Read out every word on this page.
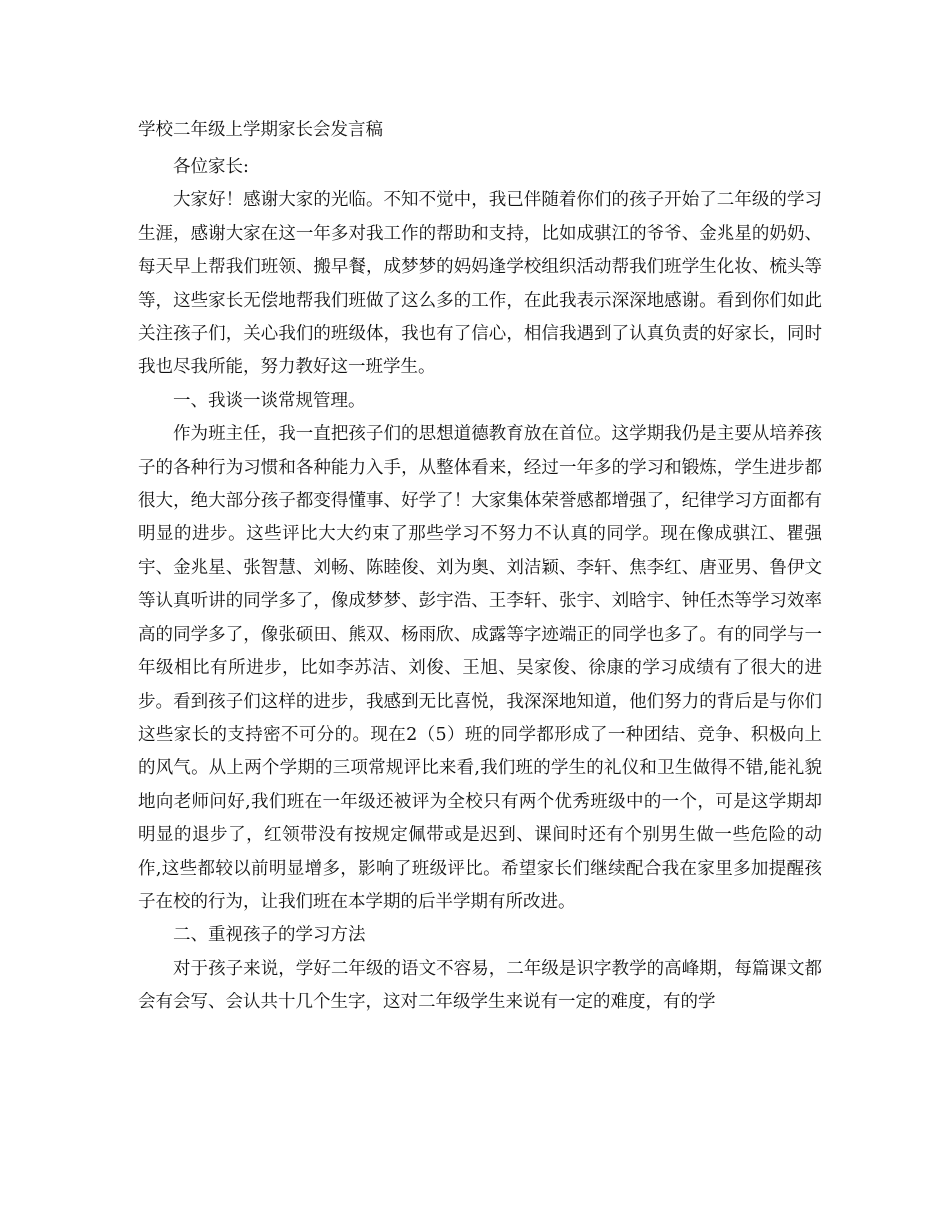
学校二年级上学期家长会发言稿

各位家长:

大家好！感谢大家的光临。不知不觉中，我已伴随着你们的孩子开始了二年级的学习生涯，感谢大家在这一年多对我工作的帮助和支持，比如成骐江的爷爷、金兆星的奶奶、每天早上帮我们班领、搬早餐，成梦梦的妈妈逢学校组织活动帮我们班学生化妆、梳头等等，这些家长无偿地帮我们班做了这么多的工作，在此我表示深深地感谢。看到你们如此关注孩子们，关心我们的班级体，我也有了信心，相信我遇到了认真负责的好家长，同时我也尽我所能，努力教好这一班学生。

一、我谈一谈常规管理。

作为班主任，我一直把孩子们的思想道德教育放在首位。这学期我仍是主要从培养孩子的各种行为习惯和各种能力入手，从整体看来，经过一年多的学习和锻炼，学生进步都很大，绝大部分孩子都变得懂事、好学了！大家集体荣誉感都增强了，纪律学习方面都有明显的进步。这些评比大大约束了那些学习不努力不认真的同学。现在像成骐江、瞿强宇、金兆星、张智慧、刘畅、陈睦俊、刘为奥、刘洁颖、李轩、焦李红、唐亚男、鲁伊文等认真听讲的同学多了，像成梦梦、彭宇浩、王李轩、张宇、刘晗宇、钟任杰等学习效率高的同学多了，像张硕田、熊双、杨雨欣、成露等字迹端正的同学也多了。有的同学与一年级相比有所进步，比如李苏洁、刘俊、王旭、吴家俊、徐康的学习成绩有了很大的进步。看到孩子们这样的进步，我感到无比喜悦，我深深地知道，他们努力的背后是与你们这些家长的支持密不可分的。现在2（5）班的同学都形成了一种团结、竞争、积极向上的风气。从上两个学期的三项常规评比来看,我们班的学生的礼仪和卫生做得不错,能礼貌地向老师问好,我们班在一年级还被评为全校只有两个优秀班级中的一个，可是这学期却明显的退步了，红领带没有按规定佩带或是迟到、课间时还有个别男生做一些危险的动作,这些都较以前明显增多，影响了班级评比。希望家长们继续配合我在家里多加提醒孩子在校的行为，让我们班在本学期的后半学期有所改进。

二、重视孩子的学习方法

对于孩子来说，学好二年级的语文不容易，二年级是识字教学的高峰期，每篇课文都会有会写、会认共十几个生字，这对二年级学生来说有一定的难度，有的学
